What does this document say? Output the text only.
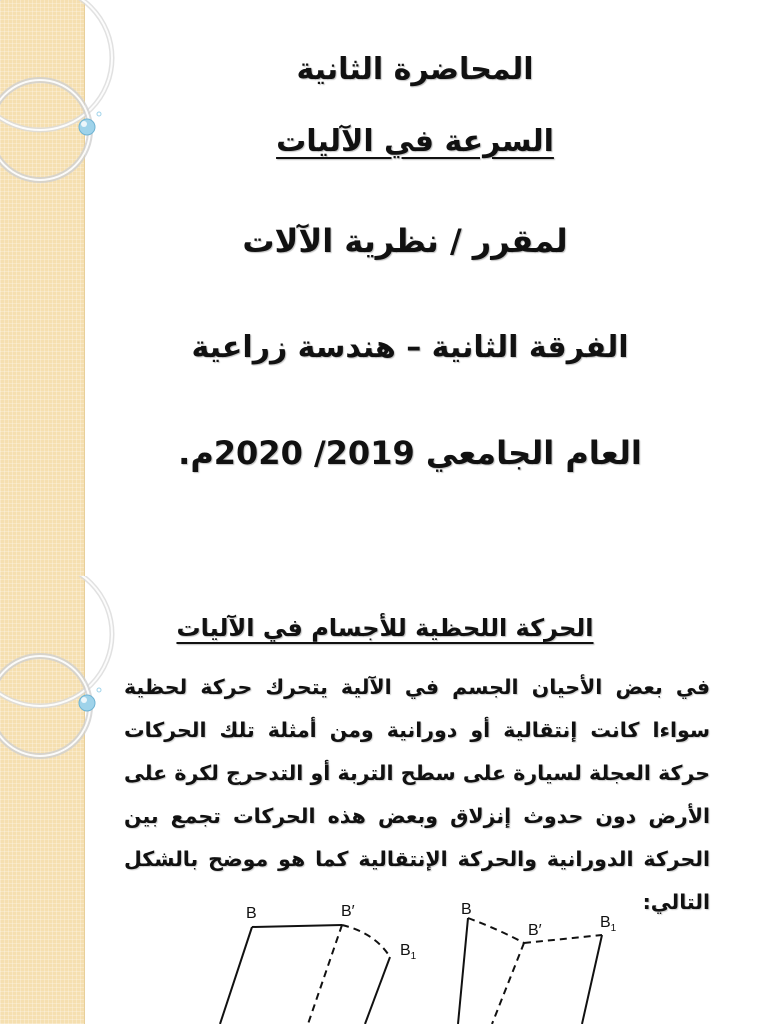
المحاضرة الثانية
السرعة في الآليات
لمقرر / نظرية الآلات
الفرقة الثانية – هندسة زراعية
العام الجامعي 2019/ 2020م.
الحركة اللحظية للأجسام في الآليات
في بعض الأحيان الجسم في الآلية يتحرك حركة لحظية سواءا كانت إنتقالية أو دورانية ومن أمثلة تلك الحركات حركة العجلة لسيارة على سطح التربة أو التدحرج لكرة على الأرض دون حدوث إنزلاق وبعض هذه الحركات تجمع بين الحركة الدورانية والحركة الإنتقالية كما هو موضح بالشكل التالي:
B	B′
$B_1$
B
B′	$B_1$
